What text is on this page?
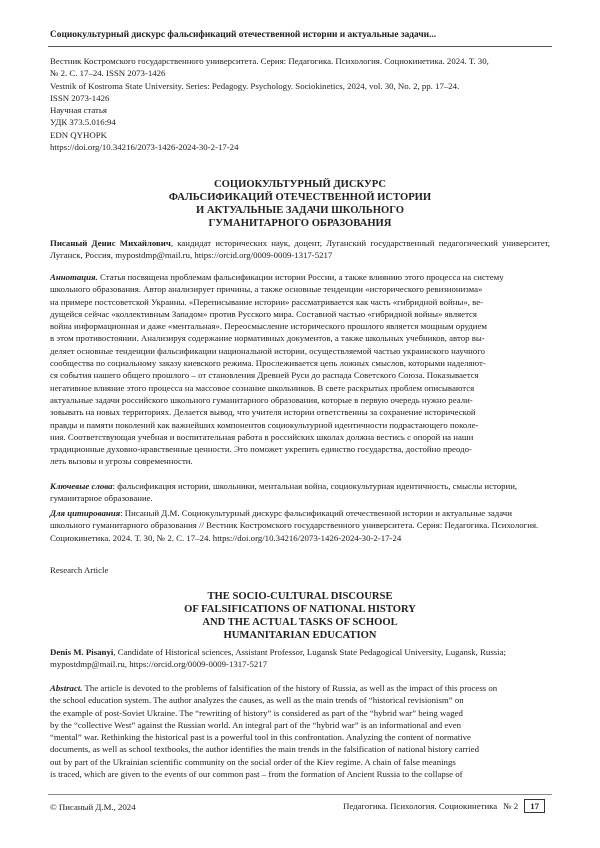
Социокультурный дискурс фальсификаций отечественной истории и актуальные задачи...
Вестник Костромского государственного университета. Серия: Педагогика. Психология. Социокинетика. 2024. Т. 30,
№ 2. С. 17–24. ISSN 2073-1426
Vestnik of Kostroma State University. Series: Pedagogy. Psychology. Sociokinetics, 2024, vol. 30, No. 2, pp. 17–24.
ISSN 2073-1426
Научная статья
УДК 373.5.016:94
EDN QYHOPK
https://doi.org/10.34216/2073-1426-2024-30-2-17-24
СОЦИОКУЛЬТУРНЫЙ ДИСКУРС
ФАЛЬСИФИКАЦИЙ ОТЕЧЕСТВЕННОЙ ИСТОРИИ
И АКТУАЛЬНЫЕ ЗАДАЧИ ШКОЛЬНОГО
ГУМАНИТАРНОГО ОБРАЗОВАНИЯ
Писаный Денис Михайлович, кандидат исторических наук, доцент, Луганский государственный педагогический университет, Луганск, Россия, mypostdmp@mail.ru, https://orcid.org/0009-0009-1317-5217
Аннотация. Статья посвящена проблемам фальсификации истории России, а также влиянию этого процесса на систему
школьного образования. Автор анализирует причины, а также основные тенденции «исторического ревизионизма»
на примере постсоветской Украины. «Переписывание истории» рассматривается как часть «гибридной войны», ве-
дущейся сейчас «коллективным Западом» против Русского мира. Составной частью «гибридной войны» является
война информационная и даже «ментальная». Переосмысление исторического прошлого является мощным орудием
в этом противостоянии. Анализируя содержание нормативных документов, а также школьных учебников, автор вы-
деляет основные тенденции фальсификации национальной истории, осуществляемой частью украинского научного
сообщества по социальному заказу киевского режима. Прослеживается цепь ложных смыслов, которыми наделяют-
ся события нашего общего прошлого – от становления Древней Руси до распада Советского Союза. Показывается
негативное влияние этого процесса на массовое сознание школьников. В свете раскрытых проблем описываются
актуальные задачи российского школьного гуманитарного образования, которые в первую очередь нужно реали-
зовывать на новых территориях. Делается вывод, что учителя истории ответственны за сохранение исторической
правды и памяти поколений как важнейших компонентов социокультурной идентичности подрастающего поколе-
ния. Соответствующая учебная и воспитательная работа в российских школах должна вестись с опорой на наши
традиционные духовно-нравственные ценности. Это поможет укрепить единство государства, достойно преодо-
леть вызовы и угрозы современности.
Ключевые слова: фальсификация истории, школьники, ментальная война, социокультурная идентичность, смыслы истории, гуманитарное образование.
Для цитирования: Писаный Д.М. Социокультурный дискурс фальсификаций отечественной истории и актуальные задачи школьного гуманитарного образования // Вестник Костромского государственного университета. Серия: Педагогика. Психология. Социокинетика. 2024. Т. 30, № 2. С. 17–24. https://doi.org/10.34216/2073-1426-2024-30-2-17-24
Research Article
THE SOCIO-CULTURAL DISCOURSE
OF FALSIFICATIONS OF NATIONAL HISTORY
AND THE ACTUAL TASKS OF SCHOOL
HUMANITARIAN EDUCATION
Denis M. Pisanyi, Candidate of Historical sciences, Assistant Professor, Lugansk State Pedagogical University, Lugansk, Russia; mypostdmp@mail.ru, https://orcid.org/0009-0009-1317-5217
Abstract. The article is devoted to the problems of falsification of the history of Russia, as well as the impact of this process on
the school education system. The author analyzes the causes, as well as the main trends of “historical revisionism” on
the example of post-Soviet Ukraine. The “rewriting of history” is considered as part of the “hybrid war” being waged
by the “collective West” against the Russian world. An integral part of the “hybrid war” is an informational and even
“mental” war. Rethinking the historical past is a powerful tool in this confrontation. Analyzing the content of normative
documents, as well as school textbooks, the author identifies the main trends in the falsification of national history carried
out by part of the Ukrainian scientific community on the social order of the Kiev regime. A chain of false meanings
is traced, which are given to the events of our common past – from the formation of Ancient Russia to the collapse of
© Писаный Д.М., 2024	Педагогика. Психология. Социокинетика № 2	17
